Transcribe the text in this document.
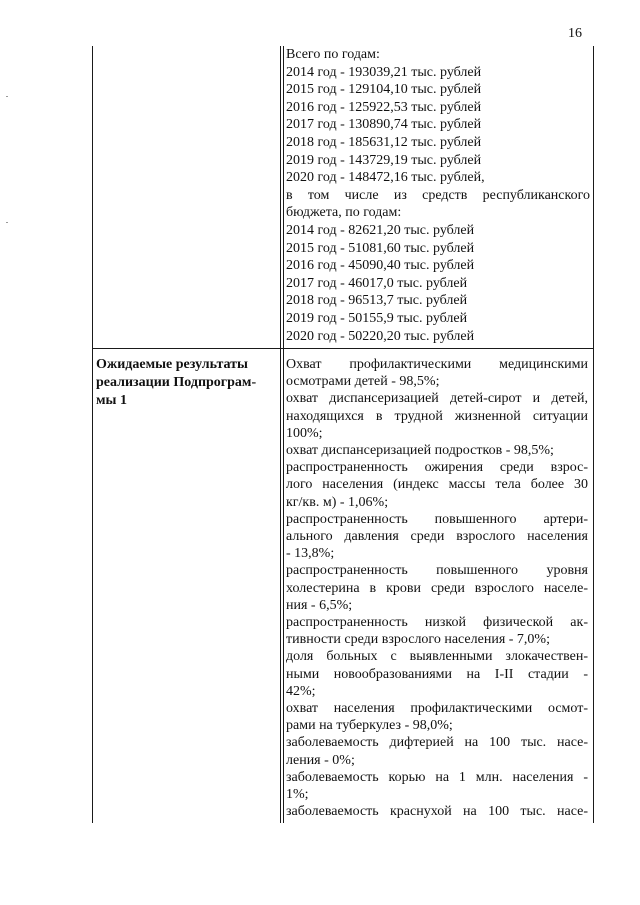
16
Всего по годам:
2014 год - 193039,21 тыс. рублей
2015 год - 129104,10 тыс. рублей
2016 год - 125922,53 тыс. рублей
2017 год - 130890,74 тыс. рублей
2018 год - 185631,12 тыс. рублей
2019 год - 143729,19 тыс. рублей
2020 год - 148472,16 тыс. рублей,
в том числе из средств республиканского
бюджета, по годам:
2014 год - 82621,20 тыс. рублей
2015 год - 51081,60 тыс. рублей
2016 год - 45090,40 тыс. рублей
2017 год - 46017,0 тыс. рублей
2018 год - 96513,7 тыс. рублей
2019 год - 50155,9 тыс. рублей
2020 год - 50220,20 тыс. рублей
Ожидаемые результаты
реализации Подпрограм-
мы 1
Охват профилактическими медицинскими
осмотрами детей - 98,5%;
охват диспансеризацией детей-сирот и детей,
находящихся в трудной жизненной ситуации
100%;
охват диспансеризацией подростков - 98,5%;
распространенность ожирения среди взрос-
лого населения (индекс массы тела более 30
кг/кв. м) - 1,06%;
распространенность повышенного артери-
ального давления среди взрослого населения
- 13,8%;
распространенность повышенного уровня
холестерина в крови среди взрослого населе-
ния - 6,5%;
распространенность низкой физической ак-
тивности среди взрослого населения - 7,0%;
доля больных с выявленными злокачествен-
ными новообразованиями на I-II стадии -
42%;
охват населения профилактическими осмот-
рами на туберкулез - 98,0%;
заболеваемость дифтерией на 100 тыс. насе-
ления - 0%;
заболеваемость корью на 1 млн. населения -
1%;
заболеваемость краснухой на 100 тыс. насе-
